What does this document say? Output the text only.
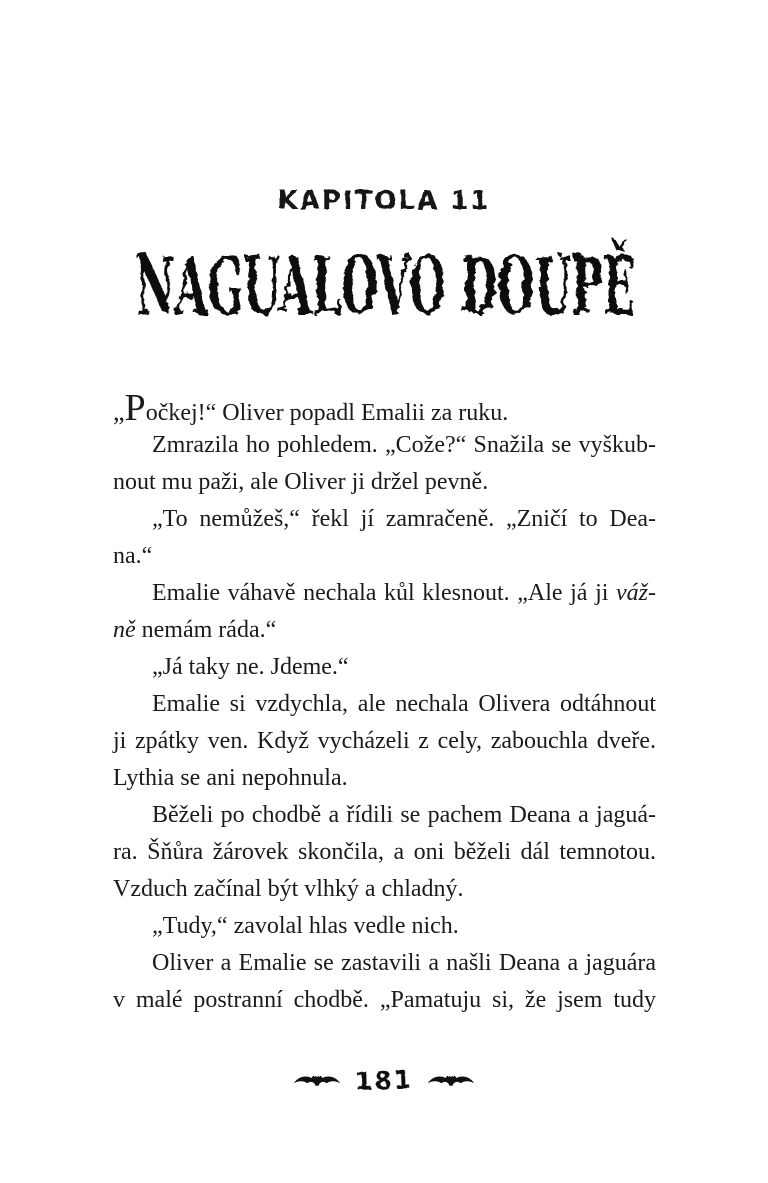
KAPITOLA 11
NAGUALOVO DOUPĚ
„Počkej!“ Oliver popadl Emalii za ruku.
Zmrazila ho pohledem. „Cože?“ Snažila se vyškub-
nout mu paži, ale Oliver ji držel pevně.
„To nemůžeš,“ řekl jí zamračeně. „Zničí to Dea-
na.“
Emalie váhavě nechala kůl klesnout. „Ale já ji váž-
ně nemám ráda.“
„Já taky ne. Jdeme.“
Emalie si vzdychla, ale nechala Olivera odtáhnout
ji zpátky ven. Když vycházeli z cely, zabouchla dveře.
Lythia se ani nepohnula.
Běželi po chodbě a řídili se pachem Deana a jaguá-
ra. Šňůra žárovek skončila, a oni běželi dál temnotou.
Vzduch začínal být vlhký a chladný.
„Tudy,“ zavolal hlas vedle nich.
Oliver a Emalie se zastavili a našli Deana a jaguára
v malé postranní chodbě. „Pamatuju si, že jsem tudy
181
